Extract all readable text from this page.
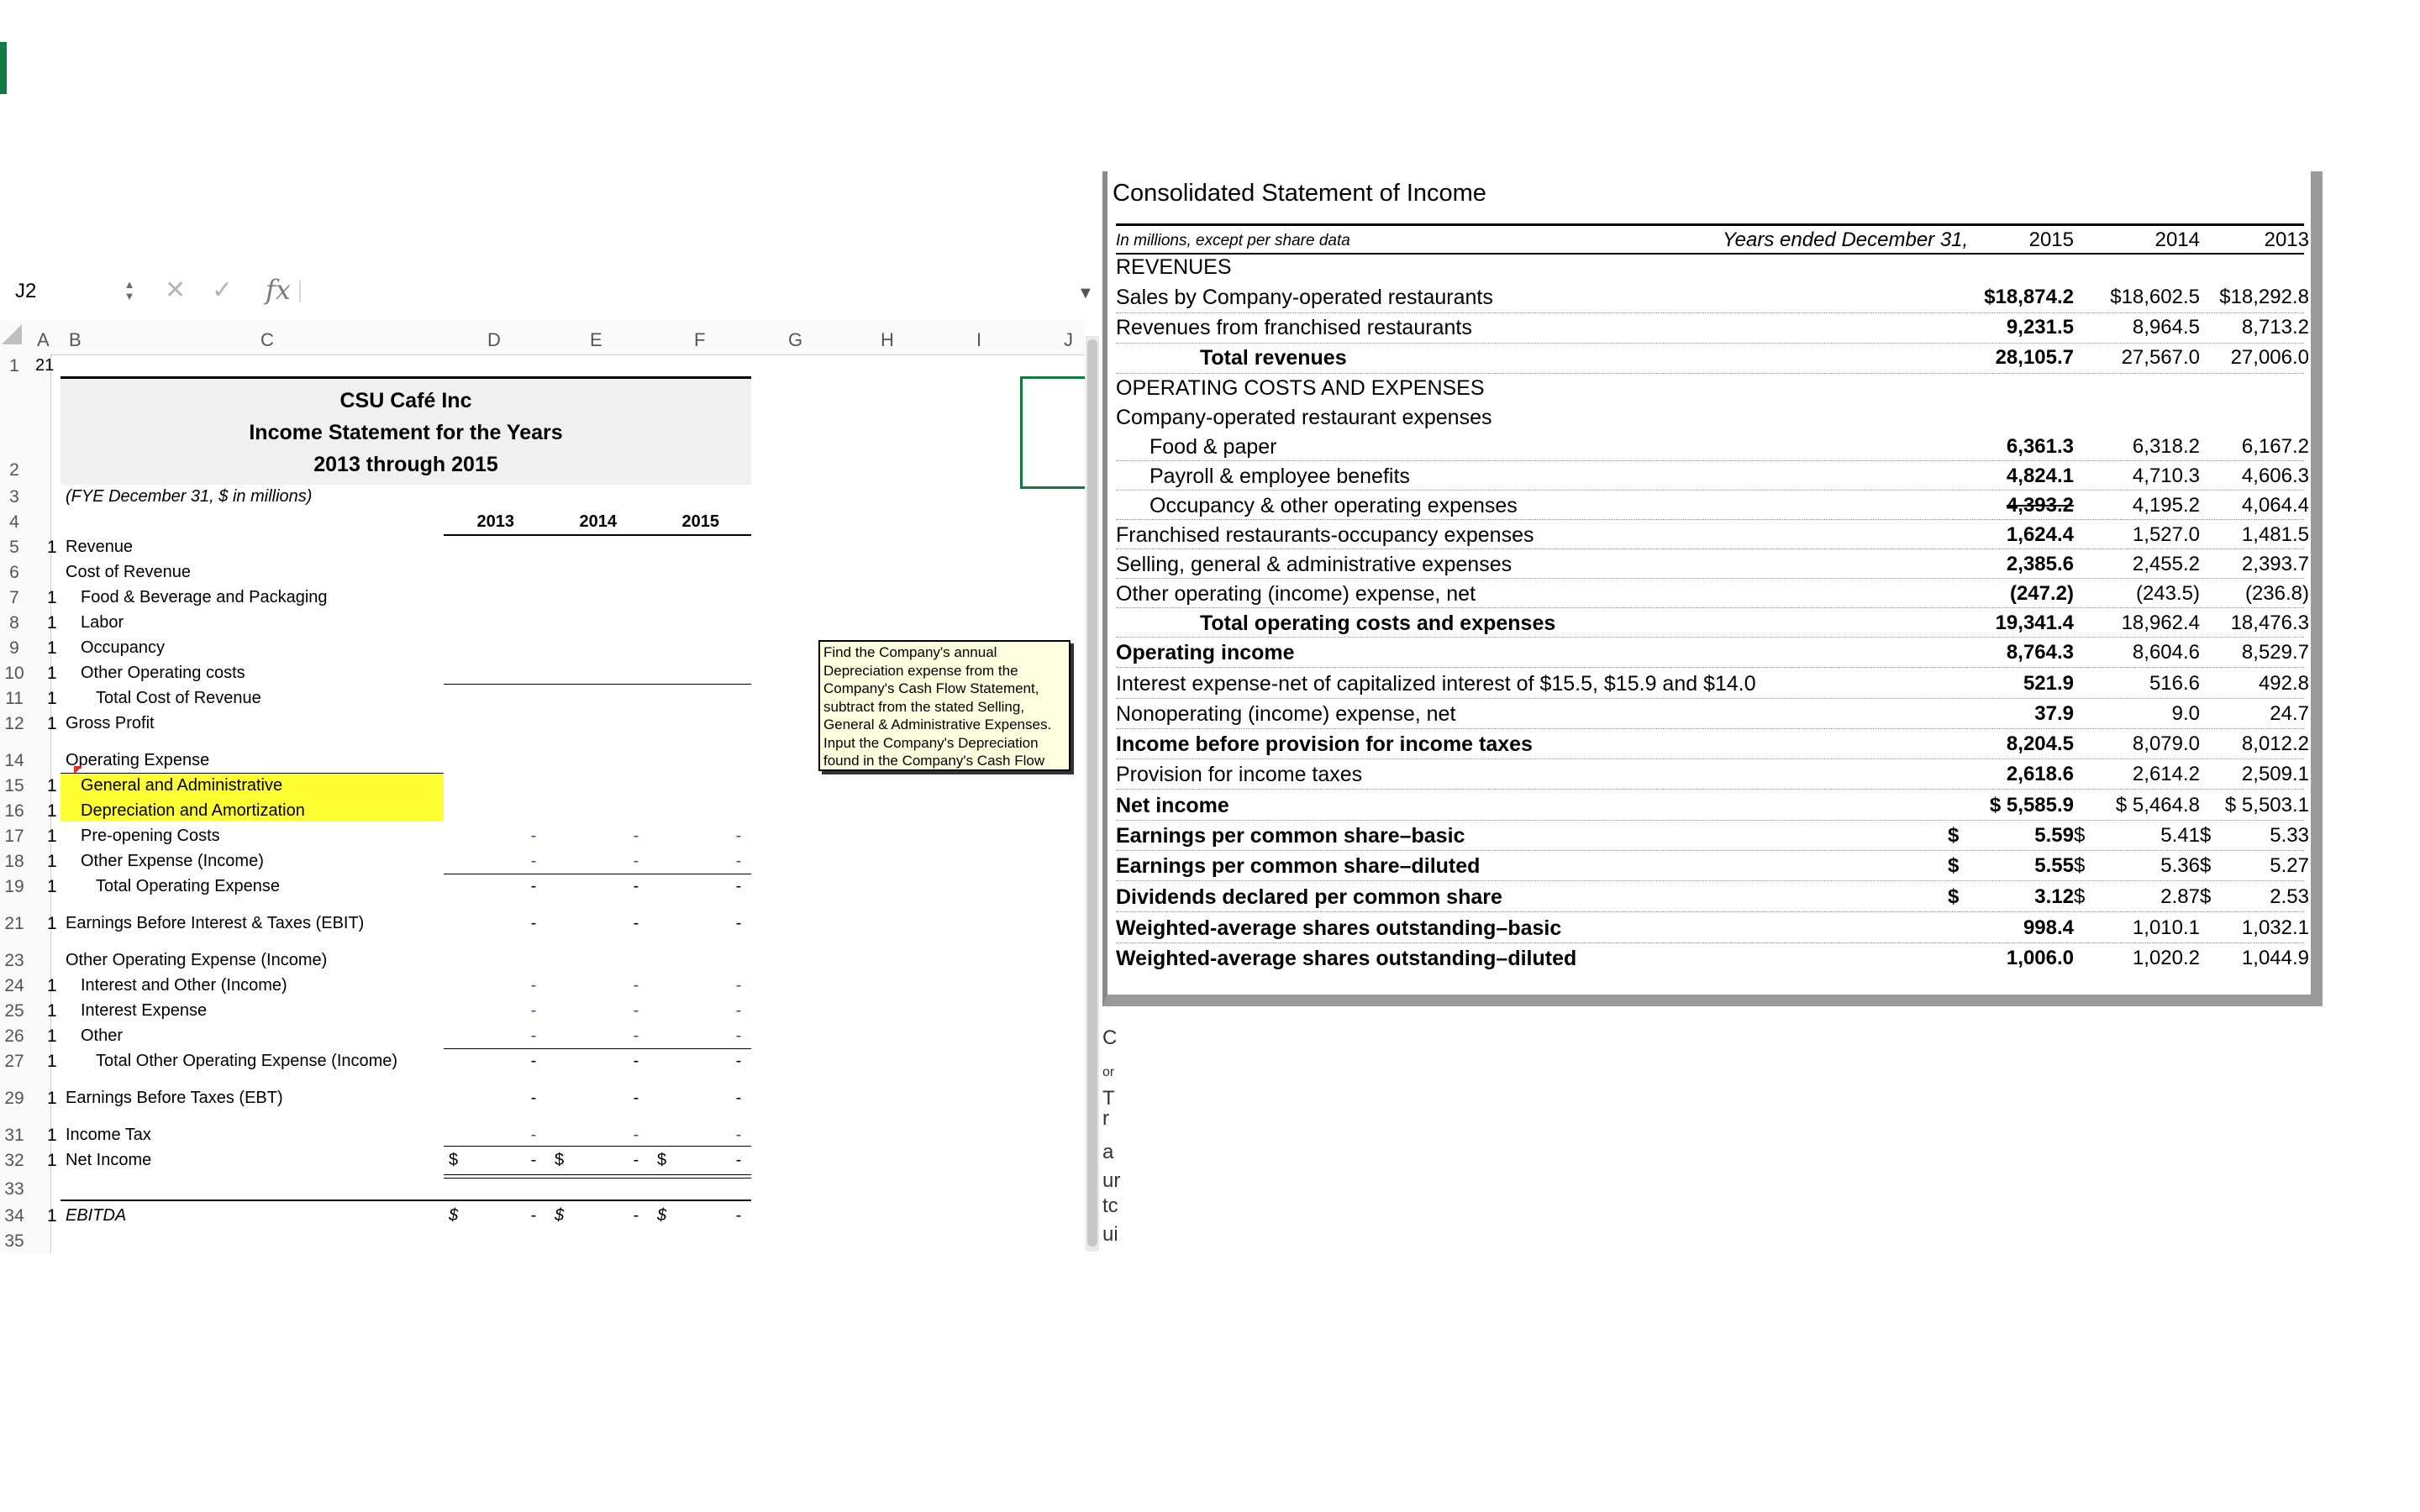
J2	▲
▼ ✕ ✓ fx	▼
A B	C	D	E	F	G	H	I	J
1 21
2
3
4
5
6
7
8
9
10
11
12
14
15
16
17
18
19
21
23
24
25
26
27
29
31
32
33
34
35
CSU Café Inc
Income Statement for the Years
2013 through 2015
(FYE December 31, $ in millions)
2013	2014	2015
1 Revenue
Cost of Revenue
1 Food & Beverage and Packaging
1 Labor
1 Occupancy
1 Other Operating costs
1 Total Cost of Revenue
1 Gross Profit
Operating Expense
1 General and Administrative
1 Depreciation and Amortization
1 Pre-opening Costs	-	-	-
1 Other Expense (Income)	-	-	-
1 Total Operating Expense	-	-	-
1 Earnings Before Interest & Taxes (EBIT)	-	-	-
Other Operating Expense (Income)
1 Interest and Other (Income)	-	-	-
1 Interest Expense	-	-	-
1 Other	-	-	-
1 Total Other Operating Expense (Income)	-	-	-
1 Earnings Before Taxes (EBT)	-	-	-
1 Income Tax	-	-	-
1 Net Income	$	-	$	-	$	-
1 EBITDA	$	-	$	-	$	-
Find the Company's annual Depreciation expense from the Company's Cash Flow Statement, subtract from the stated Selling, General & Administrative Expenses. Input the Company's Depreciation found in the Company's Cash Flow
C
or
T
r
a
ur
tc
ui
Consolidated Statement of Income
In millions, except per share data	Years ended December 31,	2015	2014	2013
REVENUES
Sales by Company-operated restaurants	$18,874.2	$18,602.5 $18,292.8
Revenues from franchised restaurants	9,231.5	8,964.5	8,713.2
Total revenues	28,105.7	27,567.0	27,006.0
OPERATING COSTS AND EXPENSES
Company-operated restaurant expenses
Food & paper	6,361.3	6,318.2	6,167.2
Payroll & employee benefits	4,824.1	4,710.3	4,606.3
Occupancy & other operating expenses	4,393.2	4,195.2	4,064.4
Franchised restaurants-occupancy expenses	1,624.4	1,527.0	1,481.5
Selling, general & administrative expenses	2,385.6	2,455.2	2,393.7
Other operating (income) expense, net	(247.2)	(243.5)	(236.8)
Total operating costs and expenses	19,341.4	18,962.4	18,476.3
Operating income	8,764.3	8,604.6	8,529.7
Interest expense-net of capitalized interest of $15.5, $15.9 and $14.0	521.9	516.6	492.8
Nonoperating (income) expense, net	37.9	9.0	24.7
Income before provision for income taxes	8,204.5	8,079.0	8,012.2
Provision for income taxes	2,618.6	2,614.2	2,509.1
Net income	$ 5,585.9	$ 5,464.8	$ 5,503.1
Earnings per common share–basic	$	5.59 $	5.41 $	5.33
Earnings per common share–diluted	$	5.55 $	5.36 $	5.27
Dividends declared per common share	$	3.12 $	2.87 $	2.53
Weighted-average shares outstanding–basic	998.4	1,010.1	1,032.1
Weighted-average shares outstanding–diluted	1,006.0	1,020.2	1,044.9
